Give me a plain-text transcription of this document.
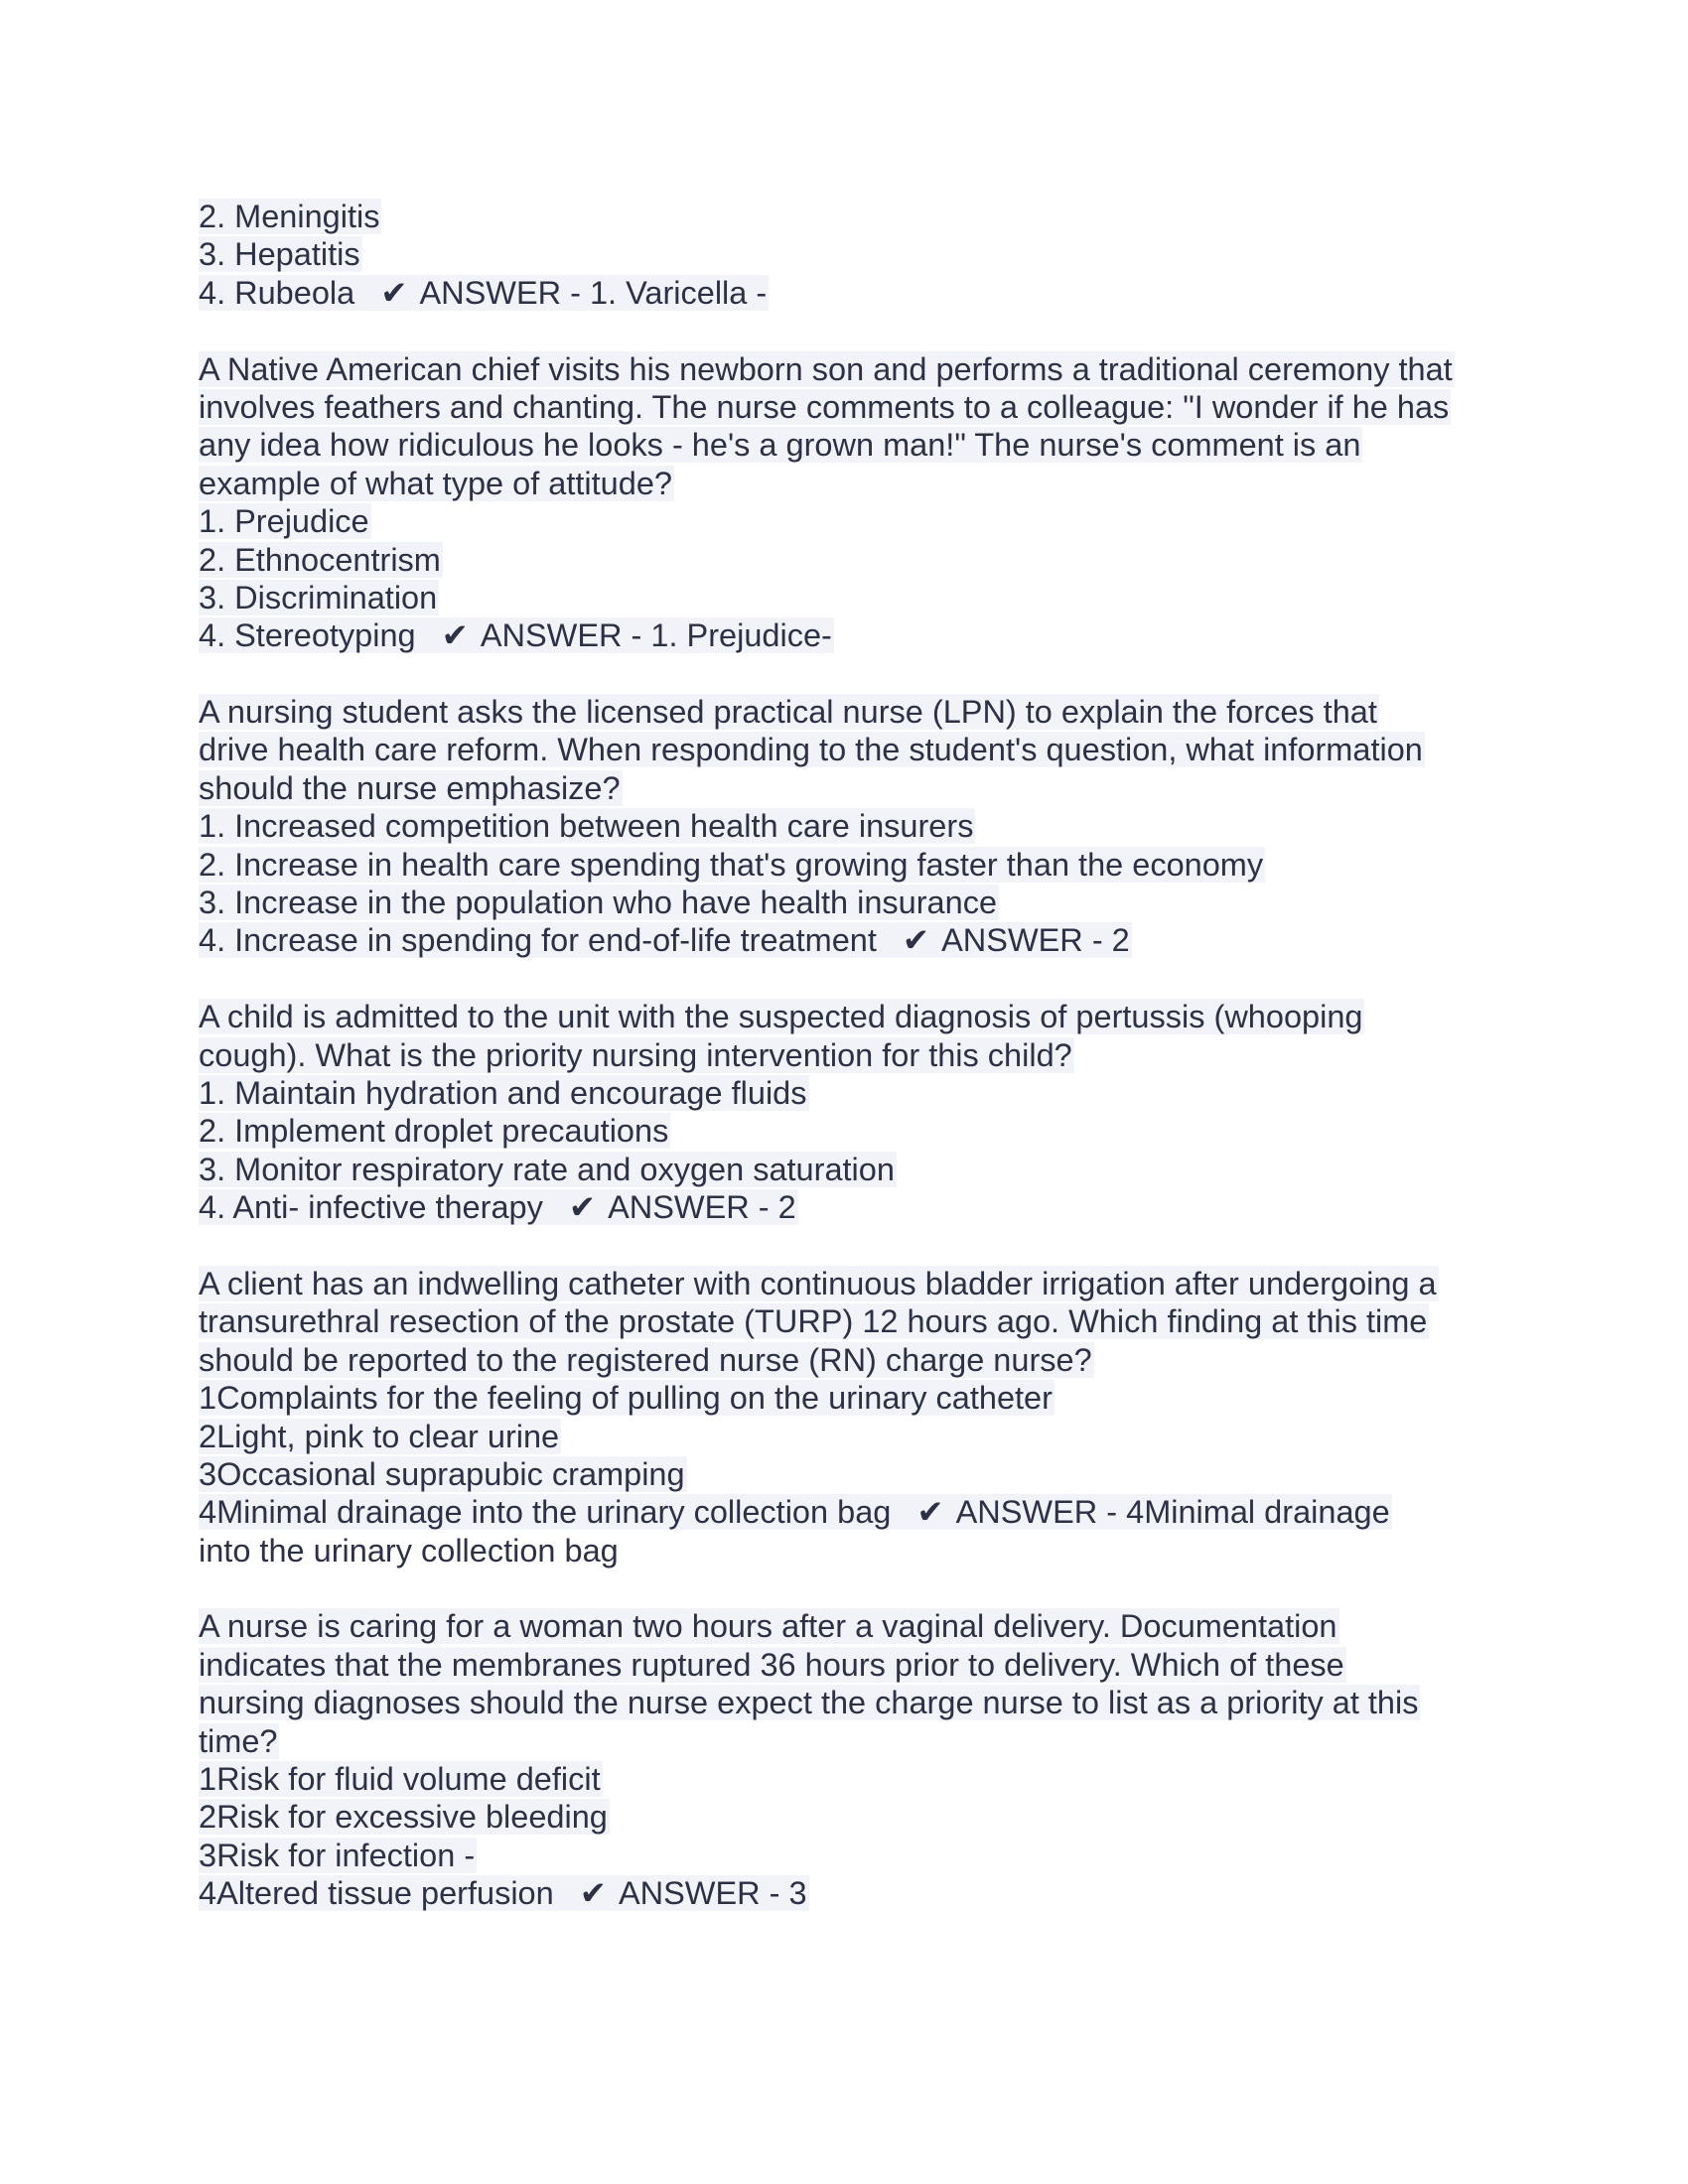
2. Meningitis
3. Hepatitis
4. Rubeola ✔ ANSWER - 1. Varicella -
A Native American chief visits his newborn son and performs a traditional ceremony that
involves feathers and chanting. The nurse comments to a colleague: "I wonder if he has
any idea how ridiculous he looks - he's a grown man!" The nurse's comment is an
example of what type of attitude?
1. Prejudice
2. Ethnocentrism
3. Discrimination
4. Stereotyping ✔ ANSWER - 1. Prejudice-
A nursing student asks the licensed practical nurse (LPN) to explain the forces that
drive health care reform. When responding to the student's question, what information
should the nurse emphasize?
1. Increased competition between health care insurers
2. Increase in health care spending that's growing faster than the economy
3. Increase in the population who have health insurance
4. Increase in spending for end-of-life treatment ✔ ANSWER - 2
A child is admitted to the unit with the suspected diagnosis of pertussis (whooping
cough). What is the priority nursing intervention for this child?
1. Maintain hydration and encourage fluids
2. Implement droplet precautions
3. Monitor respiratory rate and oxygen saturation
4. Anti- infective therapy ✔ ANSWER - 2
A client has an indwelling catheter with continuous bladder irrigation after undergoing a
transurethral resection of the prostate (TURP) 12 hours ago. Which finding at this time
should be reported to the registered nurse (RN) charge nurse?
1Complaints for the feeling of pulling on the urinary catheter
2Light, pink to clear urine
3Occasional suprapubic cramping
4Minimal drainage into the urinary collection bag ✔ ANSWER - 4Minimal drainage
into the urinary collection bag
A nurse is caring for a woman two hours after a vaginal delivery. Documentation
indicates that the membranes ruptured 36 hours prior to delivery. Which of these
nursing diagnoses should the nurse expect the charge nurse to list as a priority at this
time?
1Risk for fluid volume deficit
2Risk for excessive bleeding
3Risk for infection -
4Altered tissue perfusion ✔ ANSWER - 3
